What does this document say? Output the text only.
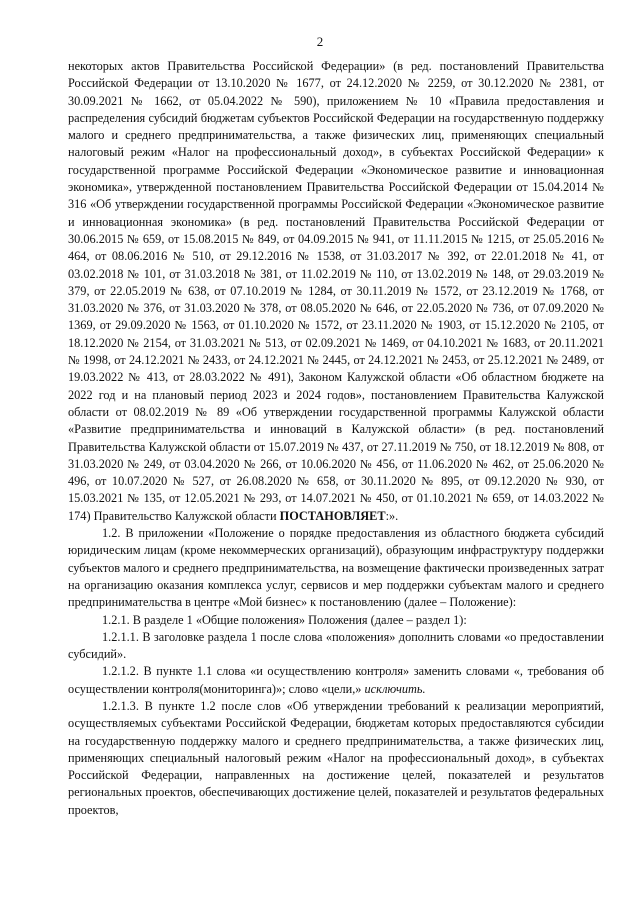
2

некоторых актов Правительства Российской Федерации» (в ред. постановлений Правительства Российской Федерации от 13.10.2020 № 1677, от 24.12.2020 № 2259, от 30.12.2020 № 2381, от 30.09.2021 № 1662, от 05.04.2022 № 590), приложением № 10 «Правила предоставления и распределения субсидий бюджетам субъектов Российской Федерации на государственную поддержку малого и среднего предпринимательства, а также физических лиц, применяющих специальный налоговый режим «Налог на профессиональный доход», в субъектах Российской Федерации» к государственной программе Российской Федерации «Экономическое развитие и инновационная экономика», утвержденной постановлением Правительства Российской Федерации от 15.04.2014 № 316 «Об утверждении государственной программы Российской Федерации «Экономическое развитие и инновационная экономика» (в ред. постановлений Правительства Российской Федерации от 30.06.2015 № 659, от 15.08.2015 № 849, от 04.09.2015 № 941, от 11.11.2015 № 1215, от 25.05.2016 № 464, от 08.06.2016 № 510, от 29.12.2016 № 1538, от 31.03.2017 № 392, от 22.01.2018 № 41, от 03.02.2018 № 101, от 31.03.2018 № 381, от 11.02.2019 № 110, от 13.02.2019 № 148, от 29.03.2019 № 379, от 22.05.2019 № 638, от 07.10.2019 № 1284, от 30.11.2019 № 1572, от 23.12.2019 № 1768, от 31.03.2020 № 376, от 31.03.2020 № 378, от 08.05.2020 № 646, от 22.05.2020 № 736, от 07.09.2020 № 1369, от 29.09.2020 № 1563, от 01.10.2020 № 1572, от 23.11.2020 № 1903, от 15.12.2020 № 2105, от 18.12.2020 № 2154, от 31.03.2021 № 513, от 02.09.2021 № 1469, от 04.10.2021 № 1683, от 20.11.2021 № 1998, от 24.12.2021 № 2433, от 24.12.2021 № 2445, от 24.12.2021 № 2453, от 25.12.2021 № 2489, от 19.03.2022 № 413, от 28.03.2022 № 491), Законом Калужской области «Об областном бюджете на 2022 год и на плановый период 2023 и 2024 годов», постановлением Правительства Калужской области от 08.02.2019 № 89 «Об утверждении государственной программы Калужской области «Развитие предпринимательства и инноваций в Калужской области» (в ред. постановлений Правительства Калужской области от 15.07.2019 № 437, от 27.11.2019 № 750, от 18.12.2019 № 808, от 31.03.2020 № 249, от 03.04.2020 № 266, от 10.06.2020 № 456, от 11.06.2020 № 462, от 25.06.2020 № 496, от 10.07.2020 № 527, от 26.08.2020 № 658, от 30.11.2020 № 895, от 09.12.2020 № 930, от 15.03.2021 № 135, от 12.05.2021 № 293, от 14.07.2021 № 450, от 01.10.2021 № 659, от 14.03.2022 № 174) Правительство Калужской области ПОСТАНОВЛЯЕТ:».

1.2. В приложении «Положение о порядке предоставления из областного бюджета субсидий юридическим лицам (кроме некоммерческих организаций), образующим инфраструктуру поддержки субъектов малого и среднего предпринимательства, на возмещение фактически произведенных затрат на организацию оказания комплекса услуг, сервисов и мер поддержки субъектам малого и среднего предпринимательства в центре «Мой бизнес» к постановлению (далее – Положение):

1.2.1. В разделе 1 «Общие положения» Положения (далее – раздел 1):

1.2.1.1. В заголовке раздела 1 после слова «положения» дополнить словами «о предоставлении субсидий».

1.2.1.2. В пункте 1.1 слова «и осуществлению контроля» заменить словами «, требования об осуществлении контроля(мониторинга)»; слово «цели,» исключить.

1.2.1.3. В пункте 1.2 после слов «Об утверждении требований к реализации мероприятий, осуществляемых субъектами Российской Федерации, бюджетам которых предоставляются субсидии на государственную поддержку малого и среднего предпринимательства, а также физических лиц, применяющих специальный налоговый режим «Налог на профессиональный доход», в субъектах Российской Федерации, направленных на достижение целей, показателей и результатов региональных проектов, обеспечивающих достижение целей, показателей и результатов федеральных проектов,
